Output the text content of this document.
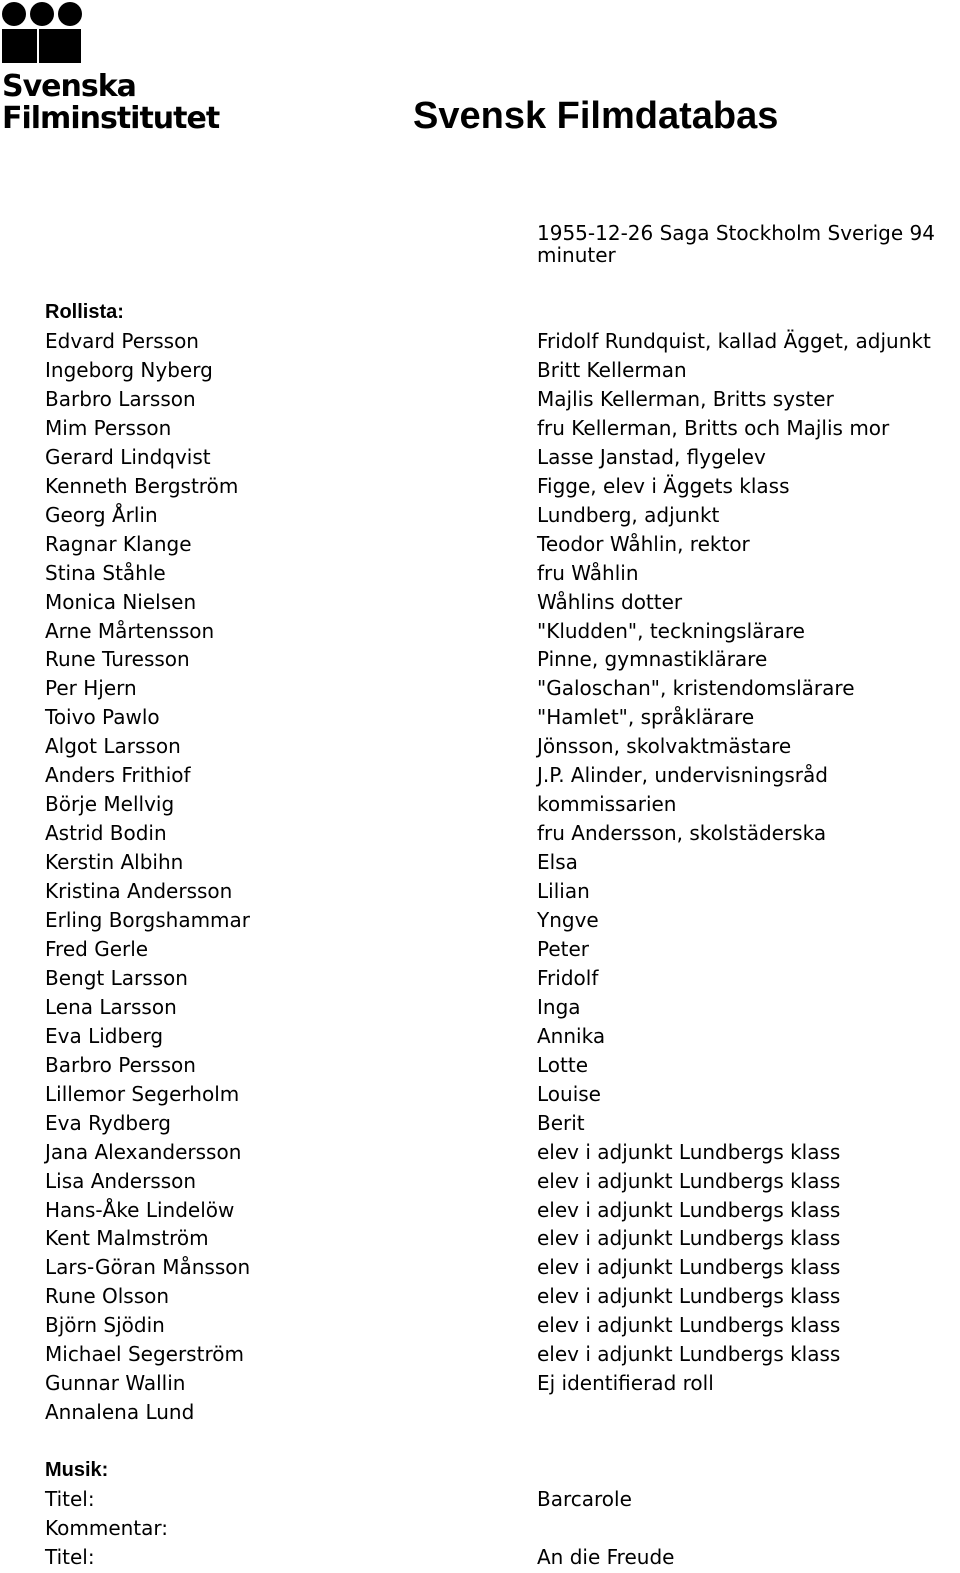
Svenska
Filminstitutet	Svensk Filmdatabas
1955-12-26 Saga Stockholm Sverige 94 minuter
Rollista:
Edvard Persson	Fridolf Rundquist, kallad Ägget, adjunkt
Ingeborg Nyberg	Britt Kellerman
Barbro Larsson	Majlis Kellerman, Britts syster
Mim Persson	fru Kellerman, Britts och Majlis mor
Gerard Lindqvist	Lasse Janstad, flygelev
Kenneth Bergström	Figge, elev i Äggets klass
Georg Årlin	Lundberg, adjunkt
Ragnar Klange	Teodor Wåhlin, rektor
Stina Ståhle	fru Wåhlin
Monica Nielsen	Wåhlins dotter
Arne Mårtensson	"Kludden", teckningslärare
Rune Turesson	Pinne, gymnastiklärare
Per Hjern	"Galoschan", kristendomslärare
Toivo Pawlo	"Hamlet", språklärare
Algot Larsson	Jönsson, skolvaktmästare
Anders Frithiof	J.P. Alinder, undervisningsråd
Börje Mellvig	kommissarien
Astrid Bodin	fru Andersson, skolstäderska
Kerstin Albihn	Elsa
Kristina Andersson	Lilian
Erling Borgshammar	Yngve
Fred Gerle	Peter
Bengt Larsson	Fridolf
Lena Larsson	Inga
Eva Lidberg	Annika
Barbro Persson	Lotte
Lillemor Segerholm	Louise
Eva Rydberg	Berit
Jana Alexandersson	elev i adjunkt Lundbergs klass
Lisa Andersson	elev i adjunkt Lundbergs klass
Hans-Åke Lindelöw	elev i adjunkt Lundbergs klass
Kent Malmström	elev i adjunkt Lundbergs klass
Lars-Göran Månsson	elev i adjunkt Lundbergs klass
Rune Olsson	elev i adjunkt Lundbergs klass
Björn Sjödin	elev i adjunkt Lundbergs klass
Michael Segerström	elev i adjunkt Lundbergs klass
Gunnar Wallin	Ej identifierad roll
Annalena Lund
Musik:
Titel:	Barcarole
Kommentar:
Titel:	An die Freude
